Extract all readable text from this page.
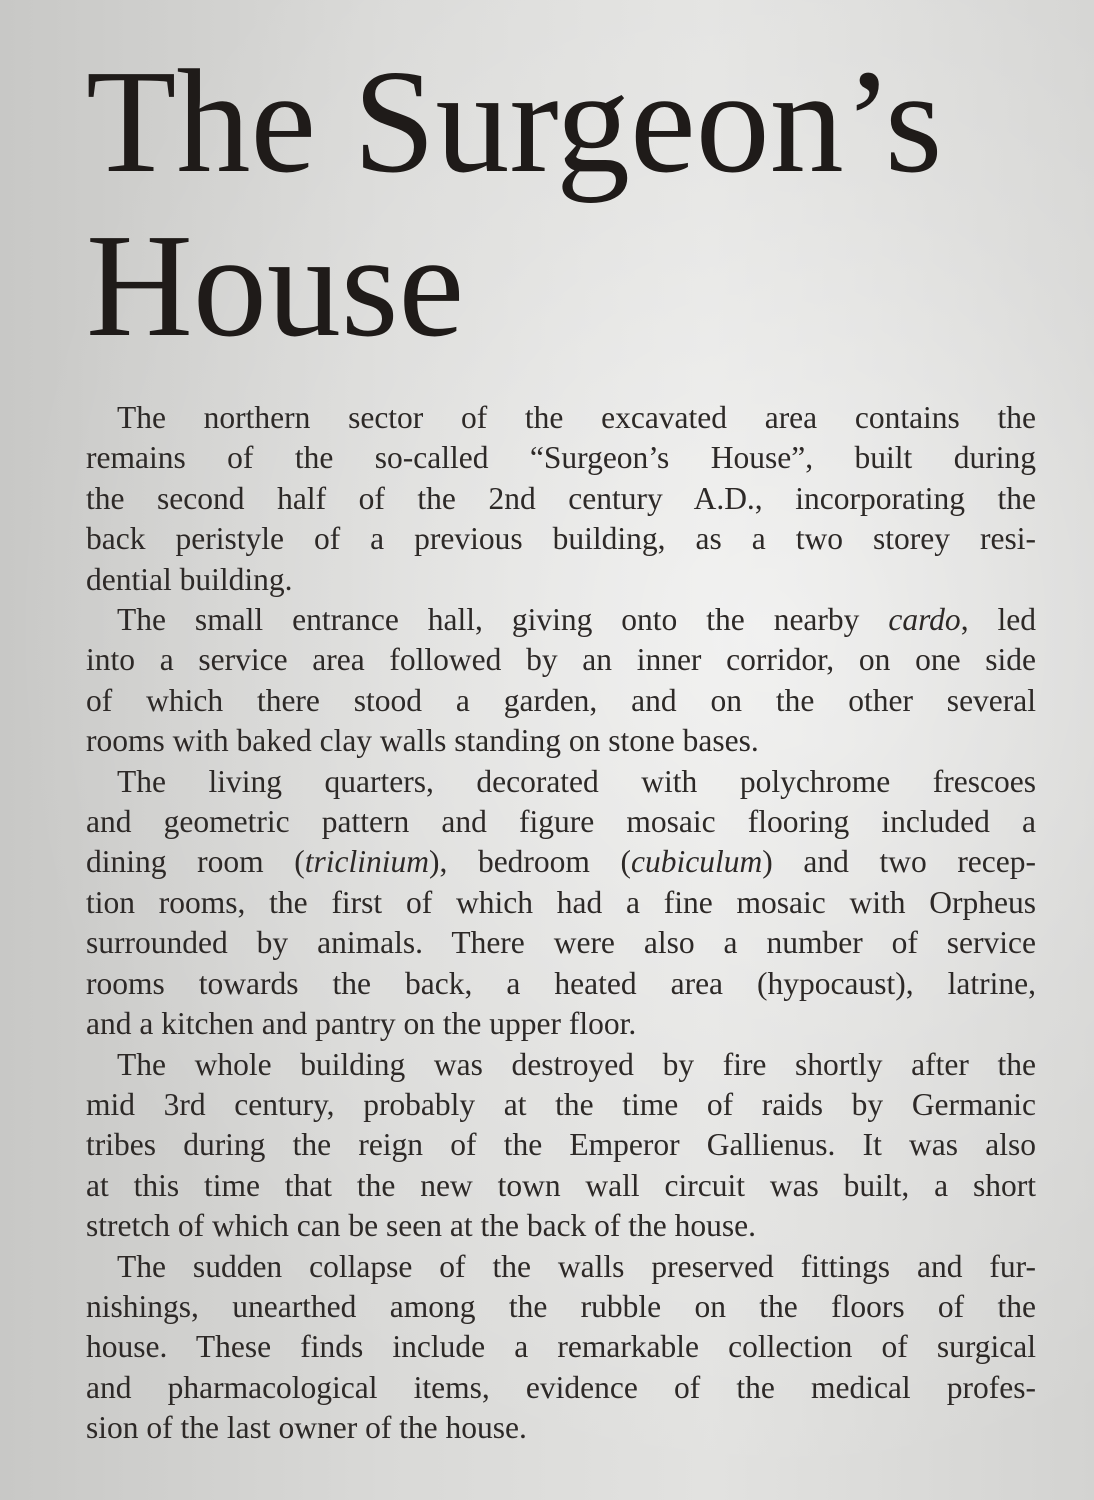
The Surgeon’s
House

The northern sector of the excavated area contains the
remains of the so-called “Surgeon’s House”, built during
the second half of the 2nd century A.D., incorporating the
back peristyle of a previous building, as a two storey resi-
dential building.

The small entrance hall, giving onto the nearby cardo, led
into a service area followed by an inner corridor, on one side
of which there stood a garden, and on the other several
rooms with baked clay walls standing on stone bases.

The living quarters, decorated with polychrome frescoes
and geometric pattern and figure mosaic flooring included a
dining room (triclinium), bedroom (cubiculum) and two recep-
tion rooms, the first of which had a fine mosaic with Orpheus
surrounded by animals. There were also a number of service
rooms towards the back, a heated area (hypocaust), latrine,
and a kitchen and pantry on the upper floor.

The whole building was destroyed by fire shortly after the
mid 3rd century, probably at the time of raids by Germanic
tribes during the reign of the Emperor Gallienus. It was also
at this time that the new town wall circuit was built, a short
stretch of which can be seen at the back of the house.

The sudden collapse of the walls preserved fittings and fur-
nishings, unearthed among the rubble on the floors of the
house. These finds include a remarkable collection of surgical
and pharmacological items, evidence of the medical profes-
sion of the last owner of the house.
